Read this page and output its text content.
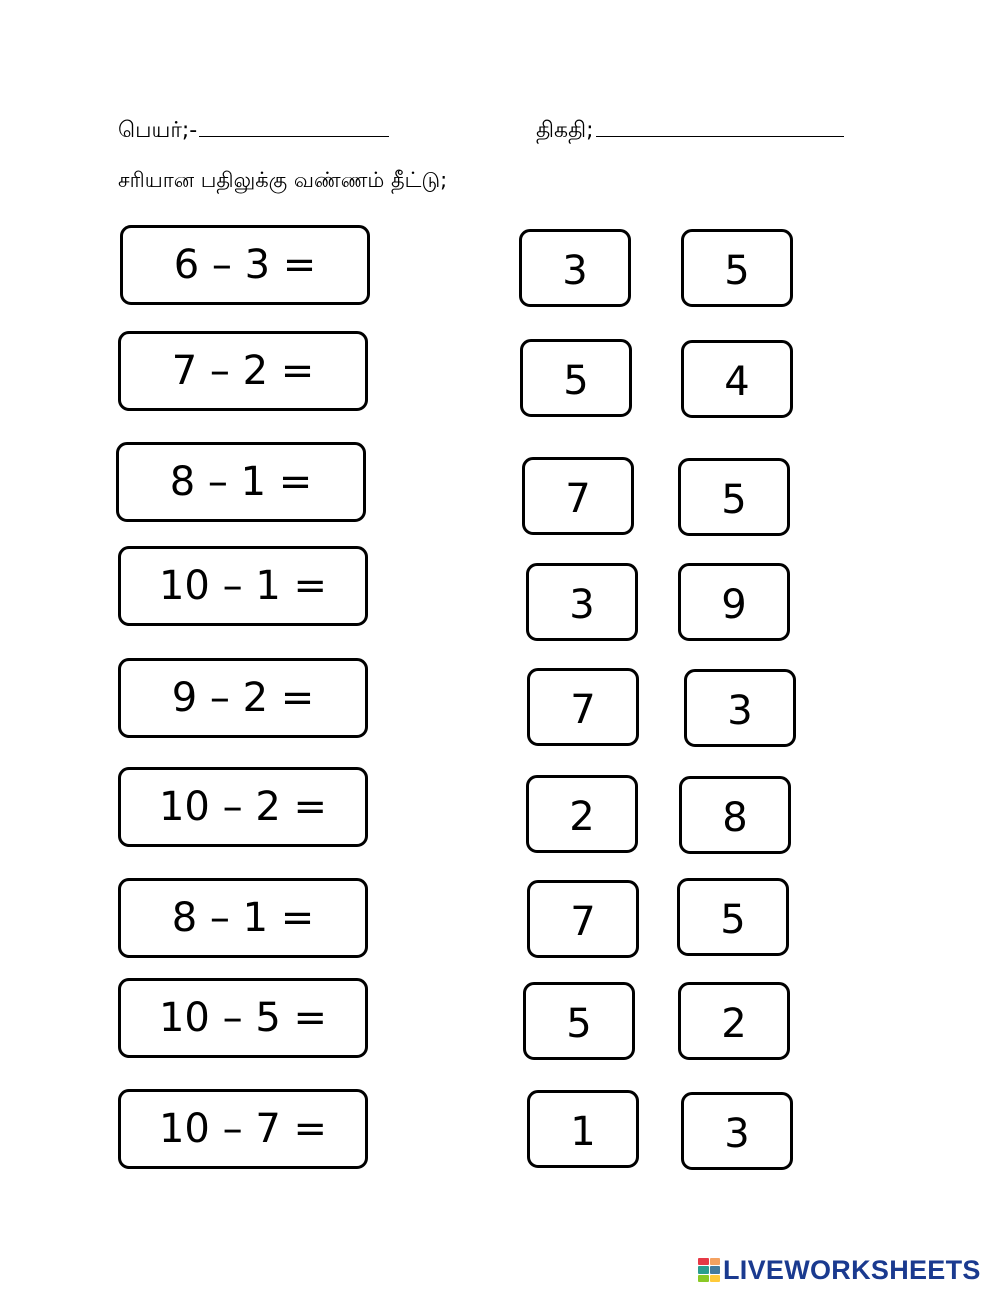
பெயர்;-	திகதி;
சரியான பதிலுக்கு வண்ணம் தீட்டு;
6 – 3 =	3	5
7 – 2 =	5	4
8 – 1 =	7	5
10 – 1 =	3	9
9 – 2 =	7	3
10 – 2 =	2	8
8 – 1 =	7	5
10 – 5 =	5	2
10 – 7 =	1	3
LIVEWORKSHEETS
